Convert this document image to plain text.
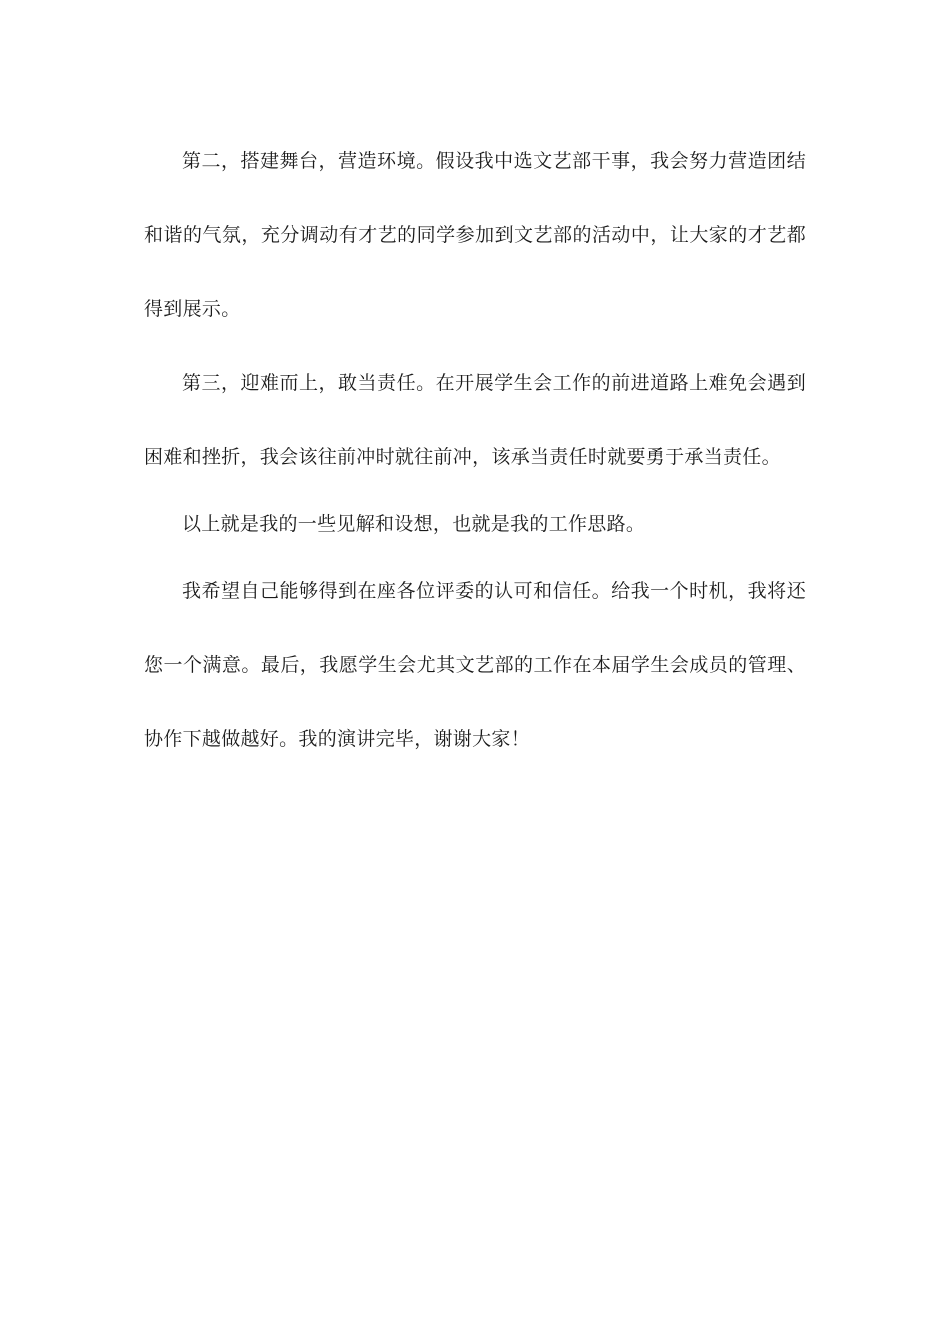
第二，搭建舞台，营造环境。假设我中选文艺部干事，我会努力营造团结和谐的气氛，充分调动有才艺的同学参加到文艺部的活动中，让大家的才艺都得到展示。

第三，迎难而上，敢当责任。在开展学生会工作的前进道路上难免会遇到困难和挫折，我会该往前冲时就往前冲，该承当责任时就要勇于承当责任。

以上就是我的一些见解和设想，也就是我的工作思路。

我希望自己能够得到在座各位评委的认可和信任。给我一个时机，我将还您一个满意。最后，我愿学生会尤其文艺部的工作在本届学生会成员的管理、协作下越做越好。我的演讲完毕，谢谢大家！
